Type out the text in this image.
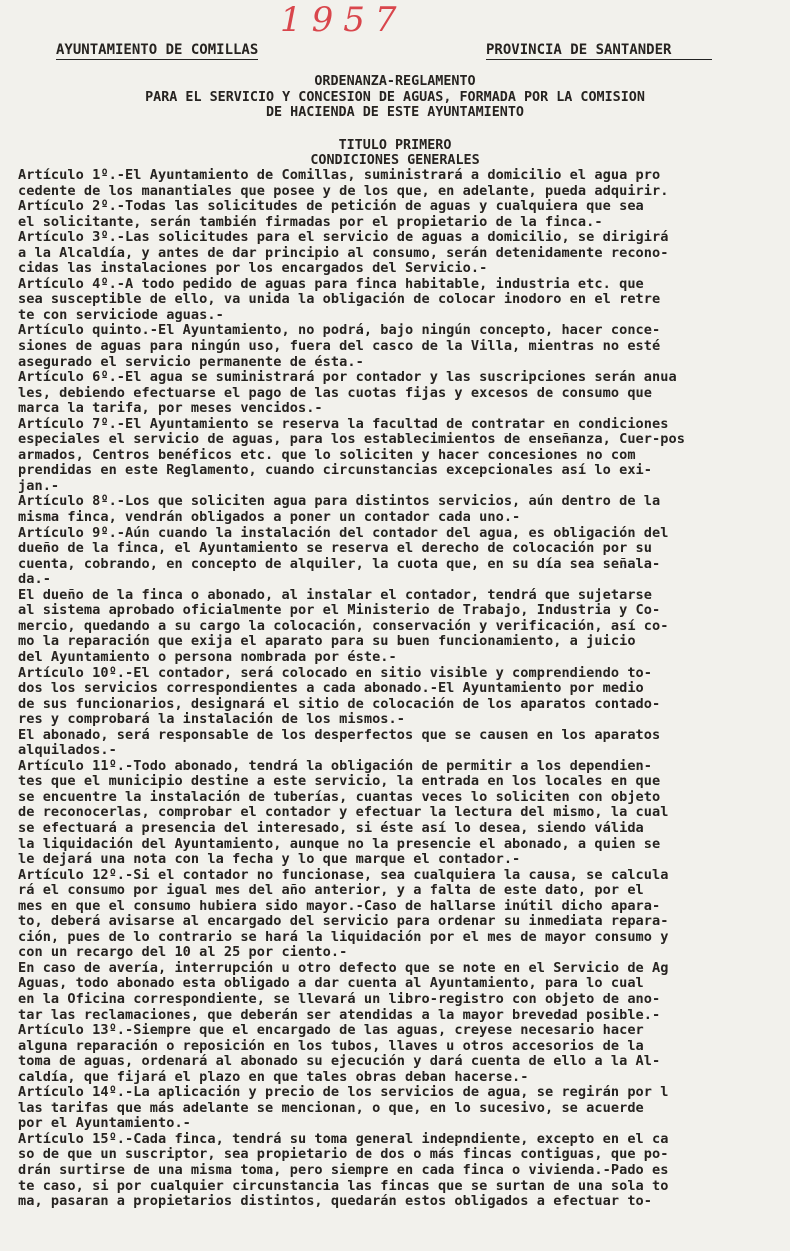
1957
AYUNTAMIENTO DE COMILLAS	PROVINCIA DE SANTANDER
ORDENANZA-REGLAMENTO
PARA EL SERVICIO Y CONCESION DE AGUAS, FORMADA POR LA COMISION
DE HACIENDA DE ESTE AYUNTAMIENTO
TITULO PRIMERO
CONDICIONES GENERALES
Artículo 1º.-El Ayuntamiento de Comillas, suministrará a domicilio el agua pro
cedente de los manantiales que posee y de los que, en adelante, pueda adquirir.
Artículo 2º.-Todas las solicitudes de petición de aguas y cualquiera que sea
el solicitante, serán también firmadas por el propietario de la finca.-
Artículo 3º.-Las solicitudes para el servicio de aguas a domicilio, se dirigirá
a la Alcaldía, y antes de dar principio al consumo, serán detenidamente recono-
cidas las instalaciones por los encargados del Servicio.-
Artículo 4º.-A todo pedido de aguas para finca habitable, industria etc. que
sea susceptible de ello, va unida la obligación de colocar inodoro en el retre
te con serviciode aguas.-
Artículo quinto.-El Ayuntamiento, no podrá, bajo ningún concepto, hacer conce-
siones de aguas para ningún uso, fuera del casco de la Villa, mientras no esté
asegurado el servicio permanente de ésta.-
Artículo 6º.-El agua se suministrará por contador y las suscripciones serán anua
les, debiendo efectuarse el pago de las cuotas fijas y excesos de consumo que
marca la tarifa, por meses vencidos.-
Artículo 7º.-El Ayuntamiento se reserva la facultad de contratar en condiciones
especiales el servicio de aguas, para los establecimientos de enseñanza, Cuer-pos
armados, Centros benéficos etc. que lo soliciten y hacer concesiones no com
prendidas en este Reglamento, cuando circunstancias excepcionales así lo exi-
jan.-
Artículo 8º.-Los que soliciten agua para distintos servicios, aún dentro de la
misma finca, vendrán obligados a poner un contador cada uno.-
Artículo 9º.-Aún cuando la instalación del contador del agua, es obligación del
dueño de la finca, el Ayuntamiento se reserva el derecho de colocación por su
cuenta, cobrando, en concepto de alquiler, la cuota que, en su día sea señala-
da.-
El dueño de la finca o abonado, al instalar el contador, tendrá que sujetarse
al sistema aprobado oficialmente por el Ministerio de Trabajo, Industria y Co-
mercio, quedando a su cargo la colocación, conservación y verificación, así co-
mo la reparación que exija el aparato para su buen funcionamiento, a juicio
del Ayuntamiento o persona nombrada por éste.-
Artículo 10º.-El contador, será colocado en sitio visible y comprendiendo to-
dos los servicios correspondientes a cada abonado.-El Ayuntamiento por medio
de sus funcionarios, designará el sitio de colocación de los aparatos contado-
res y comprobará la instalación de los mismos.-
El abonado, será responsable de los desperfectos que se causen en los aparatos
alquilados.-
Artículo 11º.-Todo abonado, tendrá la obligación de permitir a los dependien-
tes que el municipio destine a este servicio, la entrada en los locales en que
se encuentre la instalación de tuberías, cuantas veces lo soliciten con objeto
de reconocerlas, comprobar el contador y efectuar la lectura del mismo, la cual
se efectuará a presencia del interesado, si éste así lo desea, siendo válida
la liquidación del Ayuntamiento, aunque no la presencie el abonado, a quien se
le dejará una nota con la fecha y lo que marque el contador.-
Artículo 12º.-Si el contador no funcionase, sea cualquiera la causa, se calcula
rá el consumo por igual mes del año anterior, y a falta de este dato, por el
mes en que el consumo hubiera sido mayor.-Caso de hallarse inútil dicho apara-
to, deberá avisarse al encargado del servicio para ordenar su inmediata repara-
ción, pues de lo contrario se hará la liquidación por el mes de mayor consumo y
con un recargo del 10 al 25 por ciento.-
En caso de avería, interrupción u otro defecto que se note en el Servicio de Ag
Aguas, todo abonado esta obligado a dar cuenta al Ayuntamiento, para lo cual
en la Oficina correspondiente, se llevará un libro-registro con objeto de ano-
tar las reclamaciones, que deberán ser atendidas a la mayor brevedad posible.-
Artículo 13º.-Siempre que el encargado de las aguas, creyese necesario hacer
alguna reparación o reposición en los tubos, llaves u otros accesorios de la
toma de aguas, ordenará al abonado su ejecución y dará cuenta de ello a la Al-
caldía, que fijará el plazo en que tales obras deban hacerse.-
Artículo 14º.-La aplicación y precio de los servicios de agua, se regirán por l
las tarifas que más adelante se mencionan, o que, en lo sucesivo, se acuerde
por el Ayuntamiento.-
Artículo 15º.-Cada finca, tendrá su toma general indepndiente, excepto en el ca
so de que un suscriptor, sea propietario de dos o más fincas contiguas, que po-
drán surtirse de una misma toma, pero siempre en cada finca o vivienda.-Pado es
te caso, si por cualquier circunstancia las fincas que se surtan de una sola to
ma, pasaran a propietarios distintos, quedarán estos obligados a efectuar to-
